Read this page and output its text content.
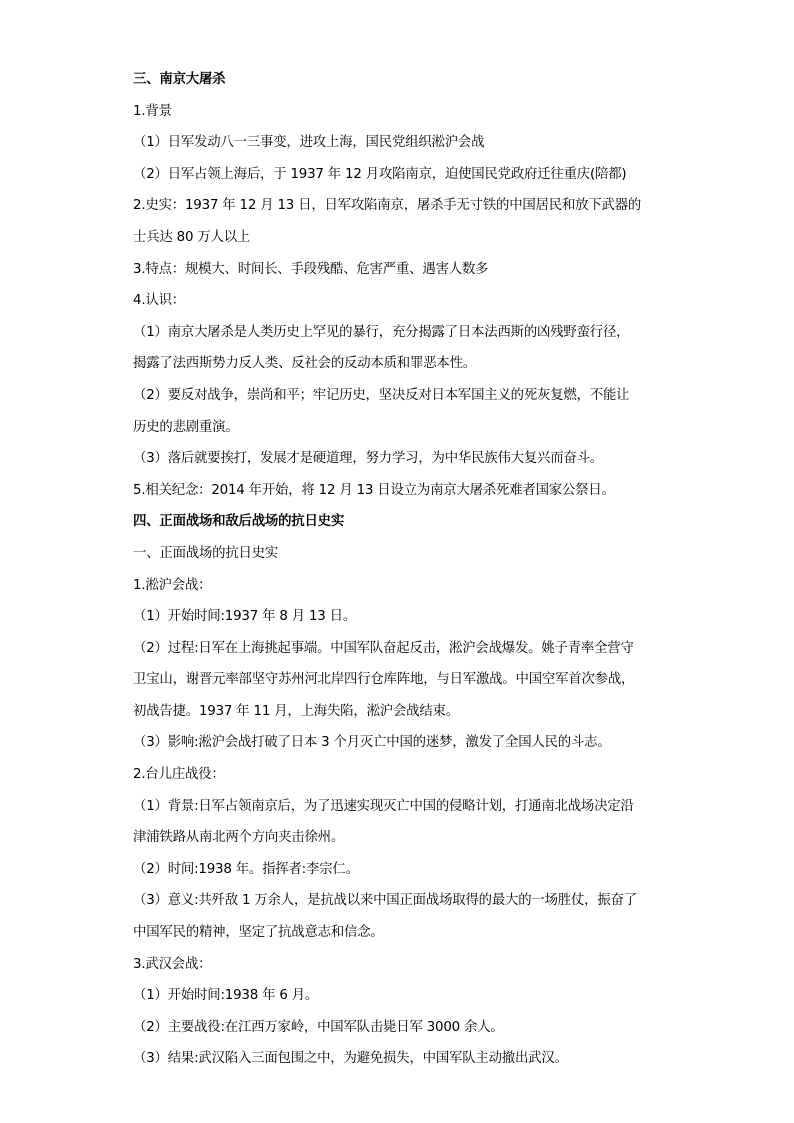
三、南京大屠杀
1.背景
（1）日军发动八一三事变，进攻上海，国民党组织淞沪会战
（2）日军占领上海后，于 1937 年 12 月攻陷南京，迫使国民党政府迁往重庆(陪都)
2.史实：1937 年 12 月 13 日，日军攻陷南京，屠杀手无寸铁的中国居民和放下武器的
士兵达 80 万人以上
3.特点：规模大、时间长、手段残酷、危害严重、遇害人数多
4.认识：
（1）南京大屠杀是人类历史上罕见的暴行，充分揭露了日本法西斯的凶残野蛮行径，
揭露了法西斯势力反人类、反社会的反动本质和罪恶本性。
（2）要反对战争，崇尚和平；牢记历史，坚决反对日本军国主义的死灰复燃，不能让
历史的悲剧重演。
（3）落后就要挨打，发展才是硬道理，努力学习，为中华民族伟大复兴而奋斗。
5.相关纪念：2014 年开始，将 12 月 13 日设立为南京大屠杀死难者国家公祭日。
四、正面战场和敌后战场的抗日史实
一、正面战场的抗日史实
1.淞沪会战：
（1）开始时间:1937 年 8 月 13 日。
（2）过程:日军在上海挑起事端。中国军队奋起反击，淞沪会战爆发。姚子青率全营守
卫宝山，谢晋元率部坚守苏州河北岸四行仓库阵地，与日军激战。中国空军首次参战，
初战告捷。1937 年 11 月，上海失陷，淞沪会战结束。
（3）影响:淞沪会战打破了日本 3 个月灭亡中国的迷梦，激发了全国人民的斗志。
2.台儿庄战役：
（1）背景:日军占领南京后，为了迅速实现灭亡中国的侵略计划，打通南北战场决定沿
津浦铁路从南北两个方向夹击徐州。
（2）时间:1938 年。指挥者:李宗仁。
（3）意义:共歼敌 1 万余人，是抗战以来中国正面战场取得的最大的一场胜仗，振奋了
中国军民的精神，坚定了抗战意志和信念。
3.武汉会战：
（1）开始时间:1938 年 6 月。
（2）主要战役:在江西万家岭，中国军队击毙日军 3000 余人。
（3）结果:武汉陷入三面包围之中，为避免损失，中国军队主动撤出武汉。
